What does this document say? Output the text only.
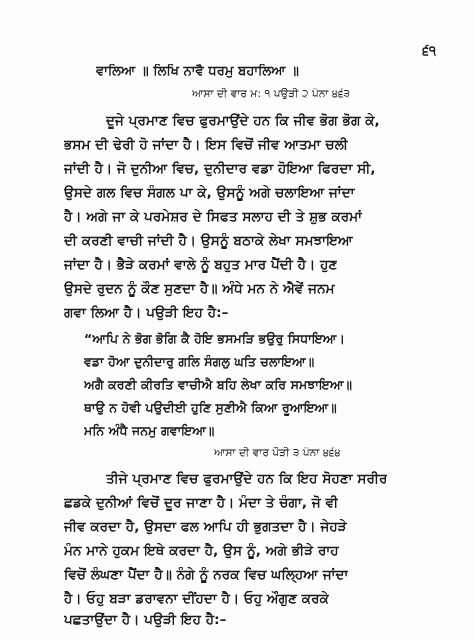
੬੧
ਵਾਲਿਆ ॥ ਲਿਖਿ ਨਾਵੈ ਧਰਮੁ ਬਹਾਲਿਆ ॥
ਆਸਾ ਦੀ ਵਾਰ ਮ: ੧ ਪਉੜੀ ੨ ਪੰਨਾ ੪੬੩
ਦੂਜੇ ਪ੍ਰਮਾਣ ਵਿਚ ਫੁਰਮਾਉਂਦੇ ਹਨ ਕਿ ਜੀਵ ਭੋਗ ਭੋਗ ਕੇ,
ਭਸਮ ਦੀ ਢੇਰੀ ਹੋ ਜਾਂਦਾ ਹੈ। ਇਸ ਵਿਚੋਂ ਜੀਵ ਆਤਮਾ ਚਲੀ
ਜਾਂਦੀ ਹੈ। ਜੋ ਦੁਨੀਆ ਵਿਚ, ਦੁਨੀਦਾਰ ਵਡਾ ਹੋਇਆ ਫਿਰਦਾ ਸੀ,
ਉਸਦੇ ਗਲ ਵਿਚ ਸੰਗਲ ਪਾ ਕੇ, ਉਸਨੂੰ ਅਗੇ ਚਲਾਇਆ ਜਾਂਦਾ
ਹੈ। ਅਗੇ ਜਾ ਕੇ ਪਰਮੇਸ਼ਰ ਦੇ ਸਿਫਤ ਸਲਾਹ ਦੀ ਤੇ ਸ਼ੁਭ ਕਰਮਾਂ
ਦੀ ਕਰਣੀ ਵਾਚੀ ਜਾਂਦੀ ਹੈ। ਉਸਨੂੰ ਬਠਾਕੇ ਲੇਖਾ ਸਮਝਾਇਆ
ਜਾਂਦਾ ਹੈ। ਭੈੜੇ ਕਰਮਾਂ ਵਾਲੇ ਨੂੰ ਬਹੁਤ ਮਾਰ ਪੈਂਦੀ ਹੈ। ਹੁਣ
ਉਸਦੇ ਰੁਦਨ ਨੂੰ ਕੌਣ ਸੁਣਦਾ ਹੈ॥ ਅੰਧੇ ਮਨ ਨੇ ਐਵੇਂ ਜਨਮ
ਗਵਾ ਲਿਆ ਹੈ। ਪਉੜੀ ਇਹ ਹੈ:–
“ਆਪਿ ਨੇ ਭੋਗ ਭੋਗਿ ਕੈ ਹੋਇ ਭਸਮੜਿ ਭਉਰੁ ਸਿਧਾਇਆ।
ਵਡਾ ਹੋਆ ਦੁਨੀਦਾਰੁ ਗਲਿ ਸੰਗਲੁ ਘਤਿ ਚਲਾਇਆ॥
ਅਗੈ ਕਰਣੀ ਕੀਰਤਿ ਵਾਚੀਐ ਬਹਿ ਲੇਖਾ ਕਰਿ ਸਮਝਾਇਆ॥
ਥਾਉ ਨ ਹੋਵੀ ਪਉਦੀਈ ਹੁਣਿ ਸੁਣੀਐ ਕਿਆ ਰੂਆਇਆ॥
ਮਨਿ ਅੰਧੈ ਜਨਮੁ ਗਵਾਇਆ॥
ਆਸਾ ਦੀ ਵਾਰ ਪੌੜੀ ੩ ਪੰਨਾ ੪੬੪
ਤੀਜੇ ਪ੍ਰਮਾਣ ਵਿਚ ਫੁਰਮਾਉਂਦੇ ਹਨ ਕਿ ਇਹ ਸੋਹਣਾ ਸਰੀਰ
ਛਡਕੇ ਦੁਨੀਆਂ ਵਿਚੋਂ ਦੂਰ ਜਾਣਾ ਹੈ। ਮੰਦਾ ਤੇ ਚੰਗਾ, ਜੋ ਵੀ
ਜੀਵ ਕਰਦਾ ਹੈ, ਉਸਦਾ ਫਲ ਆਪਿ ਹੀ ਭੁਗਤਦਾ ਹੈ। ਜੇਹੜੇ
ਮੰਨ ਮਾਨੇ ਹੁਕਮ ਇਥੇ ਕਰਦਾ ਹੈ, ਉਸ ਨੂੰ, ਅਗੇ ਭੀੜੇ ਰਾਹ
ਵਿਚੋਂ ਲੰਘਣਾ ਪੈਂਦਾ ਹੈ॥ ਨੰਗੇ ਨੂੰ ਨਰਕ ਵਿਚ ਘਲ੍ਹਿਆ ਜਾਂਦਾ
ਹੈ। ਓਹੁ ਬੜਾ ਡਰਾਵਨਾ ਦੀਂਹਦਾ ਹੈ। ਓਹੁ ਔਗੁਣ ਕਰਕੇ
ਪਛਤਾਉਂਦਾ ਹੈ। ਪਉੜੀ ਇਹ ਹੈ:–
